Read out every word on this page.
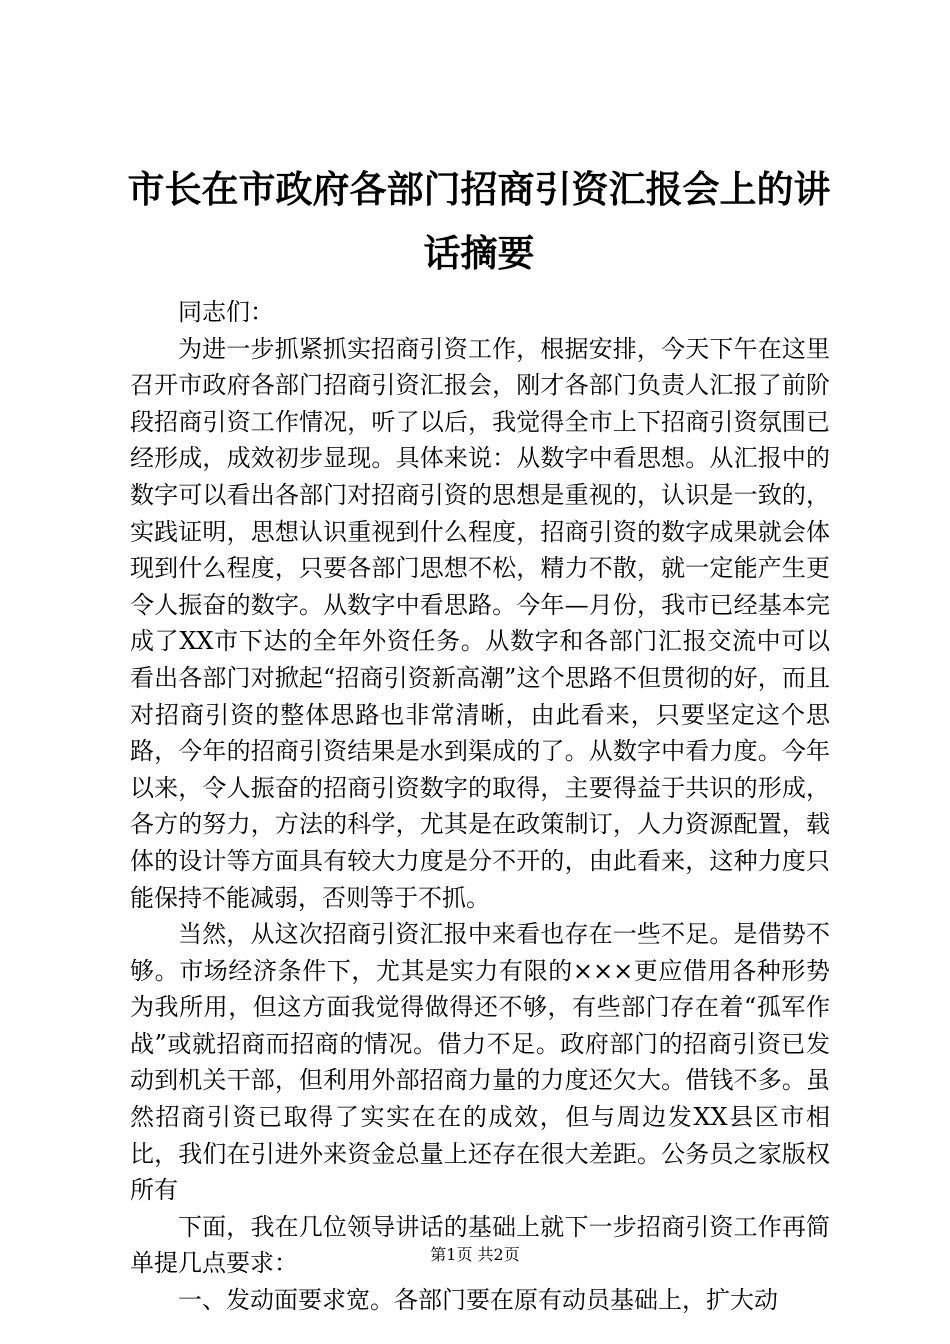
市长在市政府各部门招商引资汇报会上的讲话摘要

同志们：

为进一步抓紧抓实招商引资工作，根据安排，今天下午在这里召开市政府各部门招商引资汇报会，刚才各部门负责人汇报了前阶段招商引资工作情况，听了以后，我觉得全市上下招商引资氛围已经形成，成效初步显现。具体来说：从数字中看思想。从汇报中的数字可以看出各部门对招商引资的思想是重视的，认识是一致的，实践证明，思想认识重视到什么程度，招商引资的数字成果就会体现到什么程度，只要各部门思想不松，精力不散，就一定能产生更令人振奋的数字。从数字中看思路。今年—月份，我市已经基本完成了XX市下达的全年外资任务。从数字和各部门汇报交流中可以看出各部门对掀起“招商引资新高潮”这个思路不但贯彻的好，而且对招商引资的整体思路也非常清晰，由此看来，只要坚定这个思路，今年的招商引资结果是水到渠成的了。从数字中看力度。今年以来，令人振奋的招商引资数字的取得，主要得益于共识的形成，各方的努力，方法的科学，尤其是在政策制订，人力资源配置，载体的设计等方面具有较大力度是分不开的，由此看来，这种力度只能保持不能减弱，否则等于不抓。

当然，从这次招商引资汇报中来看也存在一些不足。是借势不够。市场经济条件下，尤其是实力有限的×××更应借用各种形势为我所用，但这方面我觉得做得还不够，有些部门存在着“孤军作战”或就招商而招商的情况。借力不足。政府部门的招商引资已发动到机关干部，但利用外部招商力量的力度还欠大。借钱不多。虽然招商引资已取得了实实在在的成效，但与周边发XX县区市相比，我们在引进外来资金总量上还存在很大差距。公务员之家版权所有

下面，我在几位领导讲话的基础上就下一步招商引资工作再简单提几点要求：

一、发动面要求宽。各部门要在原有动员基础上，扩大动

第1页 共2页
